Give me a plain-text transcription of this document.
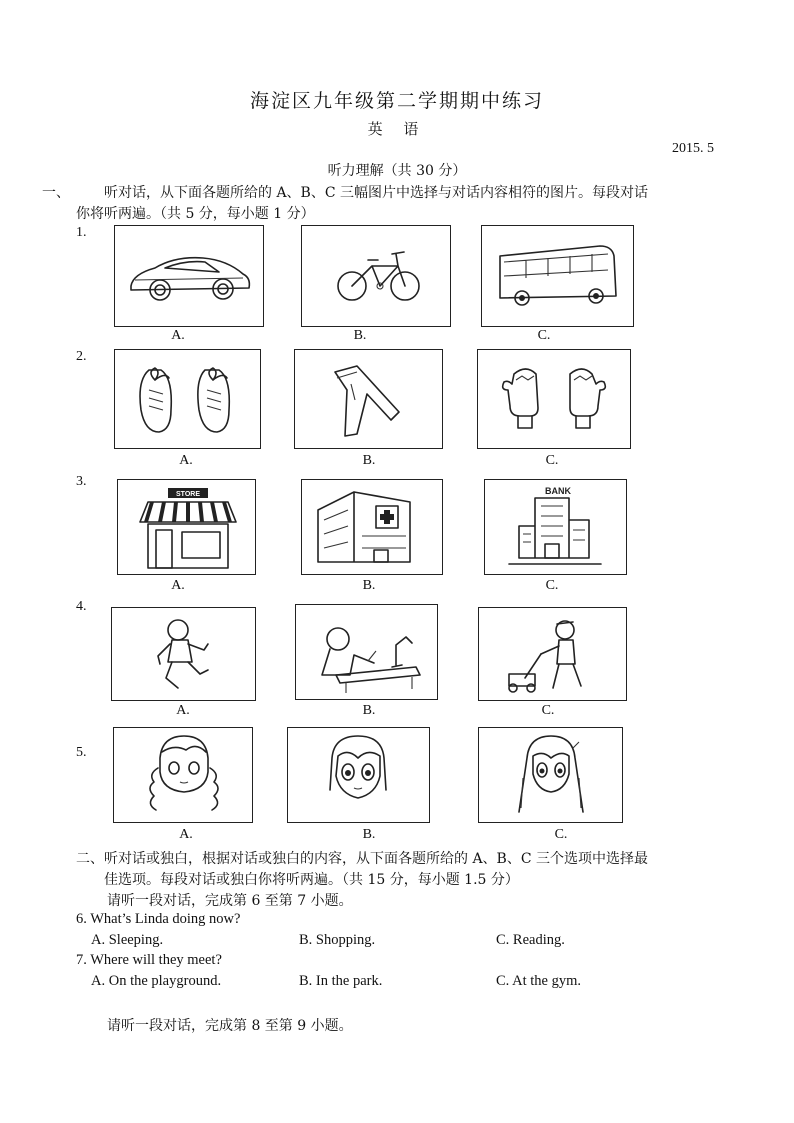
海淀区九年级第二学期期中练习
英 语
2015. 5
听力理解（共 30 分）
一、 听对话，从下面各题所给的 A、B、C 三幅图片中选择与对话内容相符的图片。每段对话
你将听两遍。（共 5 分，每小题 1 分）
1.
A.	B.	C.
2.
A.	B.	C.
3.
STORE
A.	B.
BANK
C.
4.
A.	B.	C.
5.
A.	B.	C.
二、 听对话或独白，根据对话或独白的内容，从下面各题所给的 A、B、C 三个选项中选择最
佳选项。每段对话或独白你将听两遍。（共 15 分，每小题 1.5 分）
请听一段对话，完成第 6 至第 7 小题。
6. What’s Linda doing now?
A. Sleeping.	B. Shopping.	C. Reading.
7. Where will they meet?
A. On the playground.	B. In the park.	C. At the gym.
请听一段对话，完成第 8 至第 9 小题。
